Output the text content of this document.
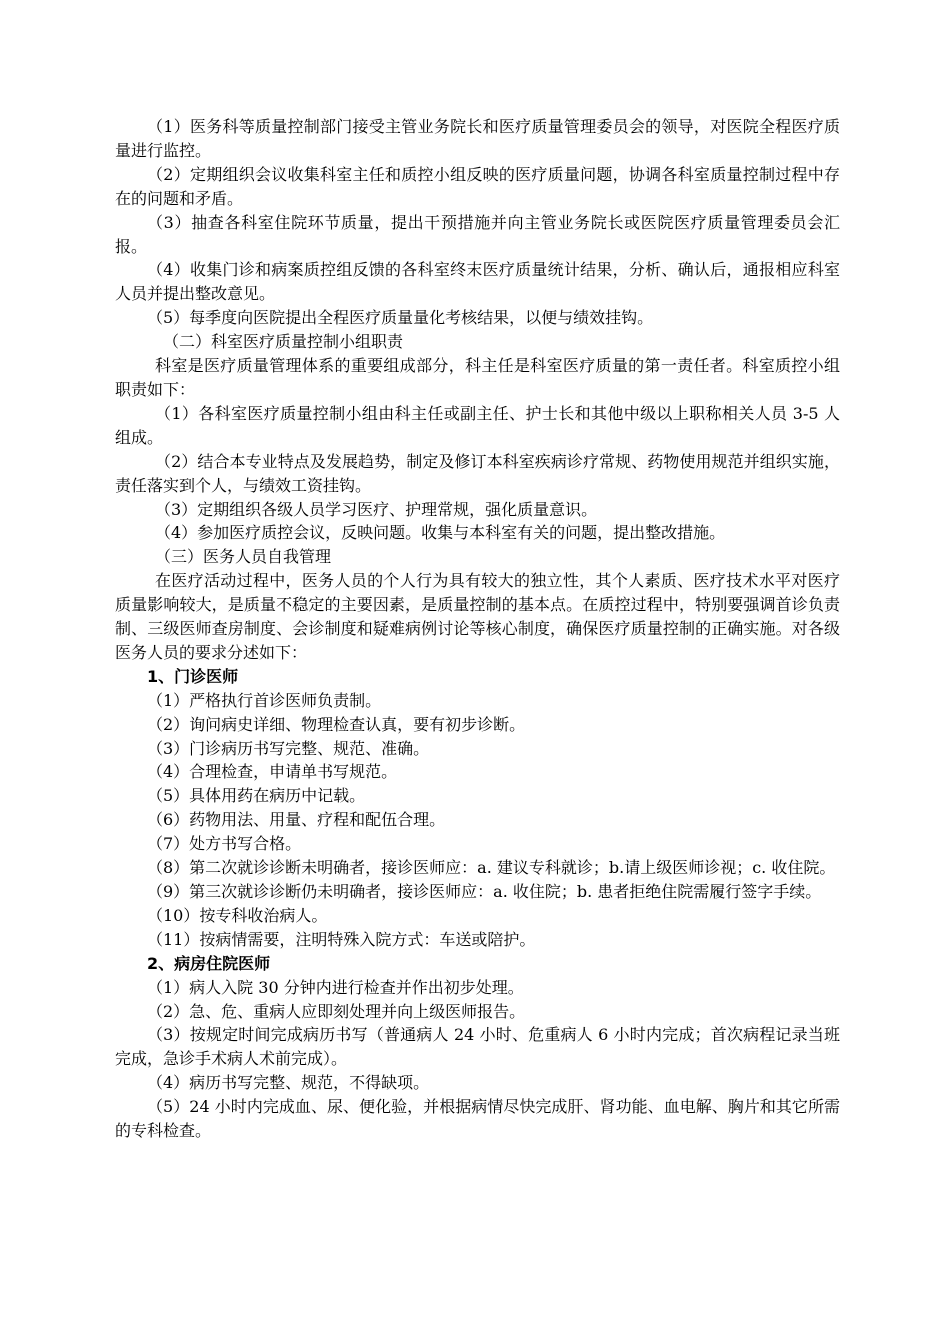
（1）医务科等质量控制部门接受主管业务院长和医疗质量管理委员会的领导，对医院全程医疗质量进行监控。

（2）定期组织会议收集科室主任和质控小组反映的医疗质量问题，协调各科室质量控制过程中存在的问题和矛盾。

（3）抽查各科室住院环节质量，提出干预措施并向主管业务院长或医院医疗质量管理委员会汇报。

（4）收集门诊和病案质控组反馈的各科室终末医疗质量统计结果，分析、确认后，通报相应科室人员并提出整改意见。

（5）每季度向医院提出全程医疗质量量化考核结果，以便与绩效挂钩。

（二）科室医疗质量控制小组职责

科室是医疗质量管理体系的重要组成部分，科主任是科室医疗质量的第一责任者。科室质控小组职责如下：

（1）各科室医疗质量控制小组由科主任或副主任、护士长和其他中级以上职称相关人员 3-5 人组成。

（2）结合本专业特点及发展趋势，制定及修订本科室疾病诊疗常规、药物使用规范并组织实施，责任落实到个人，与绩效工资挂钩。

（3）定期组织各级人员学习医疗、护理常规，强化质量意识。

（4）参加医疗质控会议，反映问题。收集与本科室有关的问题，提出整改措施。

（三）医务人员自我管理

在医疗活动过程中，医务人员的个人行为具有较大的独立性，其个人素质、医疗技术水平对医疗质量影响较大，是质量不稳定的主要因素，是质量控制的基本点。在质控过程中，特别要强调首诊负责制、三级医师查房制度、会诊制度和疑难病例讨论等核心制度，确保医疗质量控制的正确实施。对各级医务人员的要求分述如下：

1、门诊医师

（1）严格执行首诊医师负责制。

（2）询问病史详细、物理检查认真，要有初步诊断。

（3）门诊病历书写完整、规范、准确。

（4）合理检查，申请单书写规范。

（5）具体用药在病历中记载。

（6）药物用法、用量、疗程和配伍合理。

（7）处方书写合格。

（8）第二次就诊诊断未明确者，接诊医师应：a. 建议专科就诊；b.请上级医师诊视；c. 收住院。

（9）第三次就诊诊断仍未明确者，接诊医师应：a. 收住院；b. 患者拒绝住院需履行签字手续。

（10）按专科收治病人。

（11）按病情需要，注明特殊入院方式：车送或陪护。

2、病房住院医师

（1）病人入院 30 分钟内进行检查并作出初步处理。

（2）急、危、重病人应即刻处理并向上级医师报告。

（3）按规定时间完成病历书写（普通病人 24 小时、危重病人 6 小时内完成；首次病程记录当班完成，急诊手术病人术前完成）。

（4）病历书写完整、规范，不得缺项。

（5）24 小时内完成血、尿、便化验，并根据病情尽快完成肝、肾功能、血电解、胸片和其它所需的专科检查。
